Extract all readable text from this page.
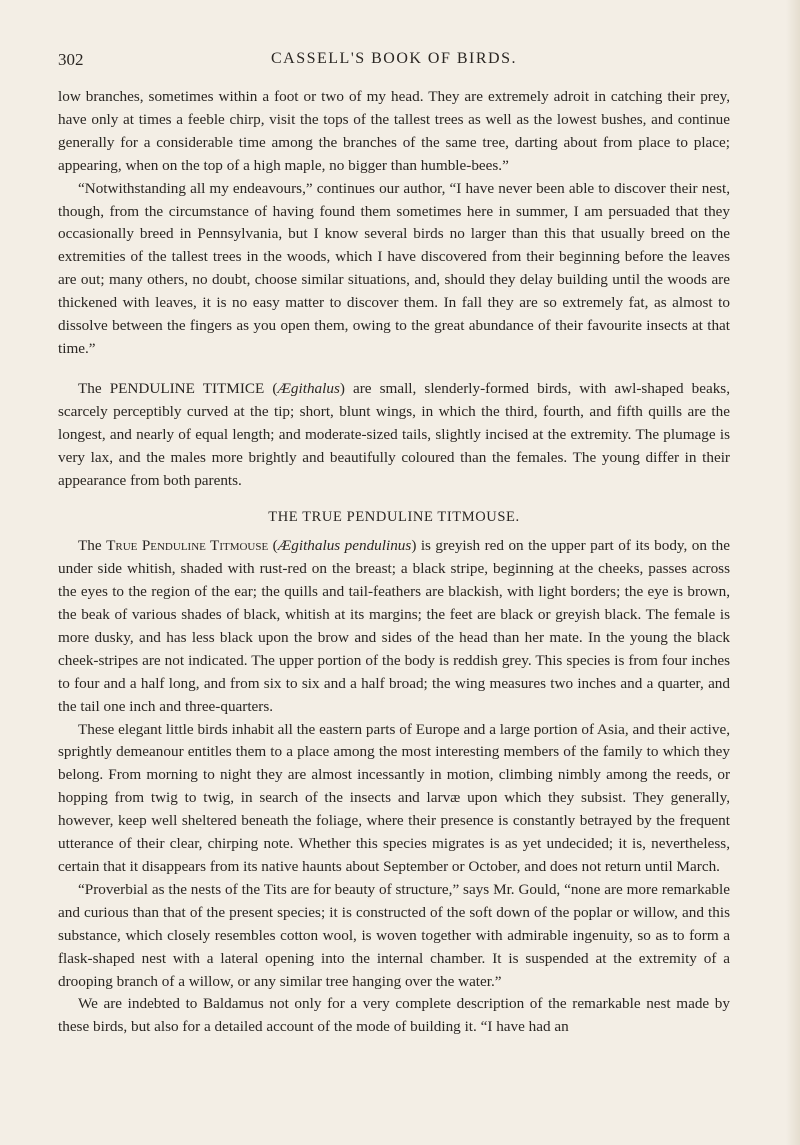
302	CASSELL'S BOOK OF BIRDS.

low branches, sometimes within a foot or two of my head. They are extremely adroit in catching their prey, have only at times a feeble chirp, visit the tops of the tallest trees as well as the lowest bushes, and continue generally for a considerable time among the branches of the same tree, darting about from place to place; appearing, when on the top of a high maple, no bigger than humble-bees.”

“Notwithstanding all my endeavours,” continues our author, “I have never been able to discover their nest, though, from the circumstance of having found them sometimes here in summer, I am persuaded that they occasionally breed in Pennsylvania, but I know several birds no larger than this that usually breed on the extremities of the tallest trees in the woods, which I have discovered from their beginning before the leaves are out; many others, no doubt, choose similar situations, and, should they delay building until the woods are thickened with leaves, it is no easy matter to discover them. In fall they are so extremely fat, as almost to dissolve between the fingers as you open them, owing to the great abundance of their favourite insects at that time.”

The PENDULINE TITMICE (Ægithalus) are small, slenderly-formed birds, with awl-shaped beaks, scarcely perceptibly curved at the tip; short, blunt wings, in which the third, fourth, and fifth quills are the longest, and nearly of equal length; and moderate-sized tails, slightly incised at the extremity. The plumage is very lax, and the males more brightly and beautifully coloured than the females. The young differ in their appearance from both parents.

THE TRUE PENDULINE TITMOUSE.

The True Penduline Titmouse (Ægithalus pendulinus) is greyish red on the upper part of its body, on the under side whitish, shaded with rust-red on the breast; a black stripe, beginning at the cheeks, passes across the eyes to the region of the ear; the quills and tail-feathers are blackish, with light borders; the eye is brown, the beak of various shades of black, whitish at its margins; the feet are black or greyish black. The female is more dusky, and has less black upon the brow and sides of the head than her mate. In the young the black cheek-stripes are not indicated. The upper portion of the body is reddish grey. This species is from four inches to four and a half long, and from six to six and a half broad; the wing measures two inches and a quarter, and the tail one inch and three-quarters.

These elegant little birds inhabit all the eastern parts of Europe and a large portion of Asia, and their active, sprightly demeanour entitles them to a place among the most interesting members of the family to which they belong. From morning to night they are almost incessantly in motion, climbing nimbly among the reeds, or hopping from twig to twig, in search of the insects and larvæ upon which they subsist. They generally, however, keep well sheltered beneath the foliage, where their presence is constantly betrayed by the frequent utterance of their clear, chirping note. Whether this species migrates is as yet undecided; it is, nevertheless, certain that it disappears from its native haunts about September or October, and does not return until March.

“Proverbial as the nests of the Tits are for beauty of structure,” says Mr. Gould, “none are more remarkable and curious than that of the present species; it is constructed of the soft down of the poplar or willow, and this substance, which closely resembles cotton wool, is woven together with admirable ingenuity, so as to form a flask-shaped nest with a lateral opening into the internal chamber. It is suspended at the extremity of a drooping branch of a willow, or any similar tree hanging over the water.”

We are indebted to Baldamus not only for a very complete description of the remarkable nest made by these birds, but also for a detailed account of the mode of building it. “I have had an
